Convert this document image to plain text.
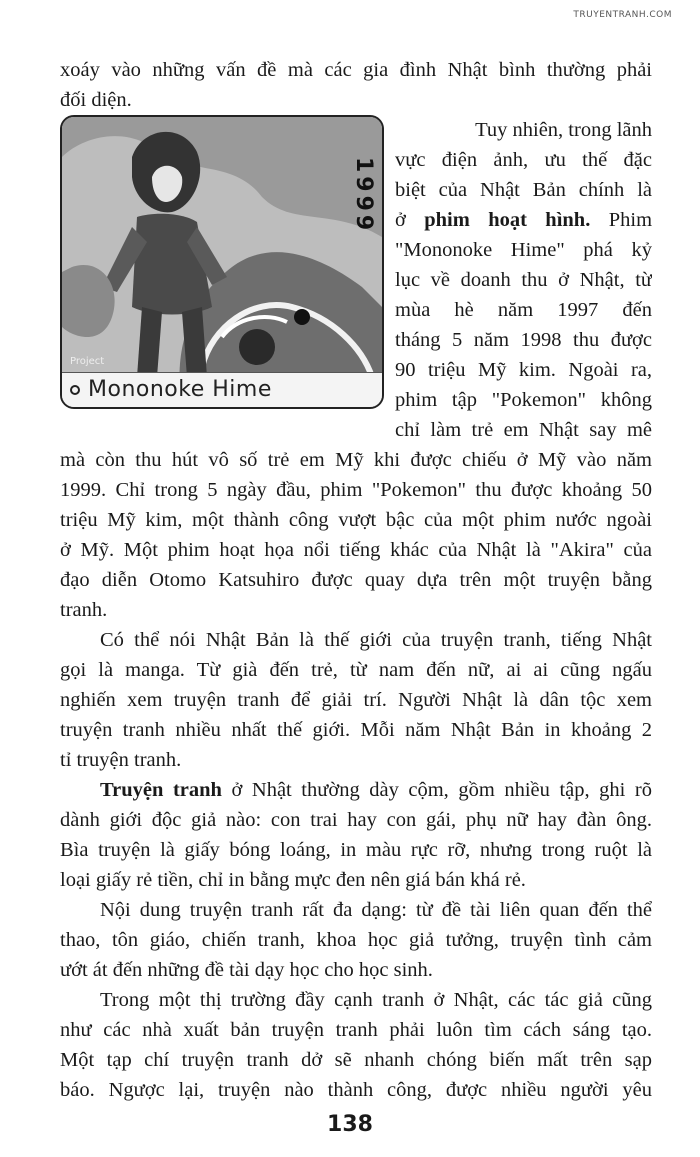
TRUYENTRANH.COM
xoáy vào những vấn đề mà các gia đình Nhật bình thường phải
đối diện.
1999
Project
Mononoke Hime
Tuy nhiên, trong lãnh
vực điện ảnh, ưu thế đặc
biệt của Nhật Bản chính là
ở phim hoạt hình. Phim
"Mononoke Hime" phá kỷ
lục về doanh thu ở Nhật, từ
mùa hè năm 1997 đến
tháng 5 năm 1998 thu được
90 triệu Mỹ kim. Ngoài ra,
phim tập "Pokemon" không
chỉ làm trẻ em Nhật say mê
mà còn thu hút vô số trẻ em Mỹ khi được chiếu ở Mỹ vào năm
1999. Chỉ trong 5 ngày đầu, phim "Pokemon" thu được khoảng 50
triệu Mỹ kim, một thành công vượt bậc của một phim nước ngoài
ở Mỹ. Một phim hoạt họa nổi tiếng khác của Nhật là "Akira" của
đạo diễn Otomo Katsuhiro được quay dựa trên một truyện bằng
tranh.
Có thể nói Nhật Bản là thế giới của truyện tranh, tiếng Nhật
gọi là manga. Từ già đến trẻ, từ nam đến nữ, ai ai cũng ngấu
nghiến xem truyện tranh để giải trí. Người Nhật là dân tộc xem
truyện tranh nhiều nhất thế giới. Mỗi năm Nhật Bản in khoảng 2
tỉ truyện tranh.
Truyện tranh ở Nhật thường dày cộm, gồm nhiều tập, ghi rõ
dành giới độc giả nào: con trai hay con gái, phụ nữ hay đàn ông.
Bìa truyện là giấy bóng loáng, in màu rực rỡ, nhưng trong ruột là
loại giấy rẻ tiền, chỉ in bằng mực đen nên giá bán khá rẻ.
Nội dung truyện tranh rất đa dạng: từ đề tài liên quan đến thể
thao, tôn giáo, chiến tranh, khoa học giả tưởng, truyện tình cảm
ướt át đến những đề tài dạy học cho học sinh.
Trong một thị trường đầy cạnh tranh ở Nhật, các tác giả cũng
như các nhà xuất bản truyện tranh phải luôn tìm cách sáng tạo.
Một tạp chí truyện tranh dở sẽ nhanh chóng biến mất trên sạp
báo. Ngược lại, truyện nào thành công, được nhiều người yêu
138
